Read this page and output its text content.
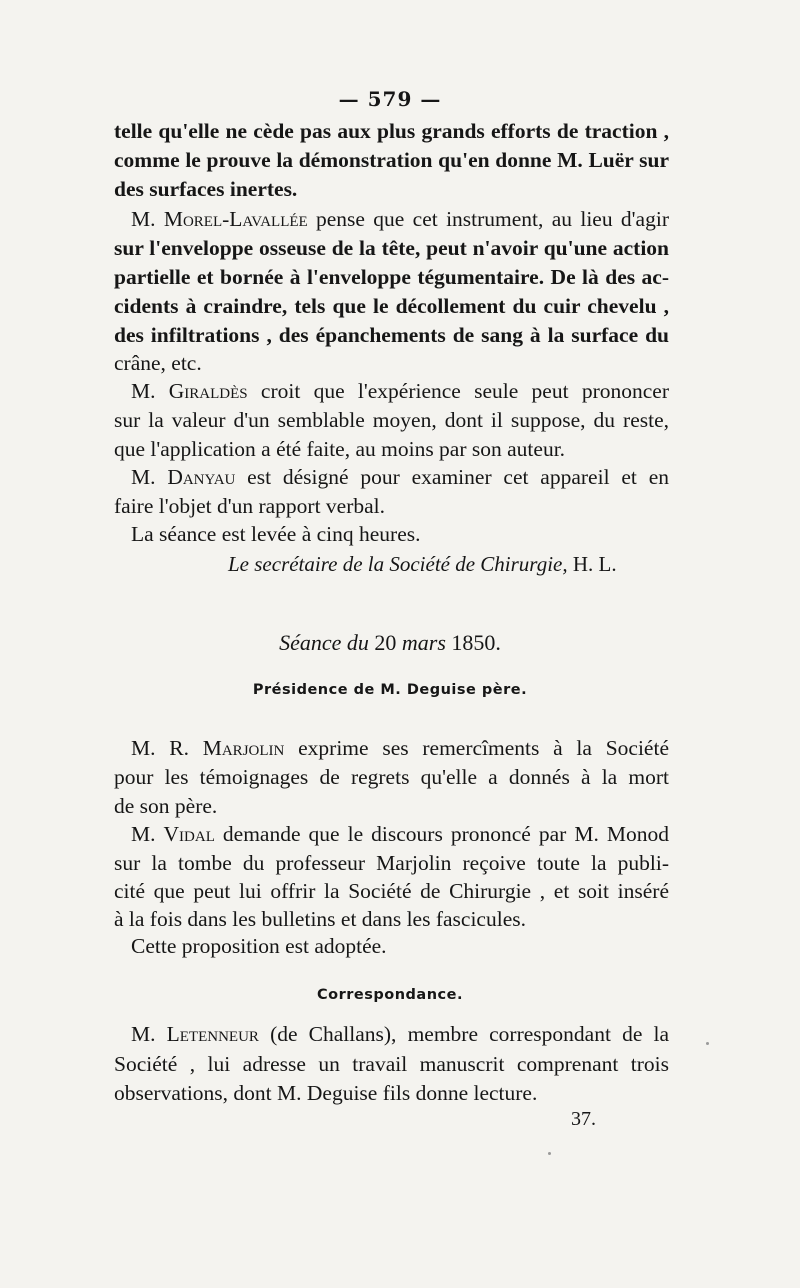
— 579 —
telle qu'elle ne cède pas aux plus grands efforts de traction ,
comme le prouve la démonstration qu'en donne M. Luër sur
des surfaces inertes.
M. Morel-Lavallée pense que cet instrument, au lieu d'agir
sur l'enveloppe osseuse de la tête, peut n'avoir qu'une action
partielle et bornée à l'enveloppe tégumentaire. De là des ac-
cidents à craindre, tels que le décollement du cuir chevelu ,
des infiltrations , des épanchements de sang à la surface du
crâne, etc.
M. Giraldès croit que l'expérience seule peut prononcer
sur la valeur d'un semblable moyen, dont il suppose, du reste,
que l'application a été faite, au moins par son auteur.
M. Danyau est désigné pour examiner cet appareil et en
faire l'objet d'un rapport verbal.
La séance est levée à cinq heures.
Le secrétaire de la Société de Chirurgie, H. L.
Séance du 20 mars 1850.
Présidence de M. Deguise père.
M. R. Marjolin exprime ses remercîments à la Société
pour les témoignages de regrets qu'elle a donnés à la mort
de son père.
M. Vidal demande que le discours prononcé par M. Monod
sur la tombe du professeur Marjolin reçoive toute la publi-
cité que peut lui offrir la Société de Chirurgie , et soit inséré
à la fois dans les bulletins et dans les fascicules.
Cette proposition est adoptée.
Correspondance.
M. Letenneur (de Challans), membre correspondant de la
Société , lui adresse un travail manuscrit comprenant trois
observations, dont M. Deguise fils donne lecture.
37.
